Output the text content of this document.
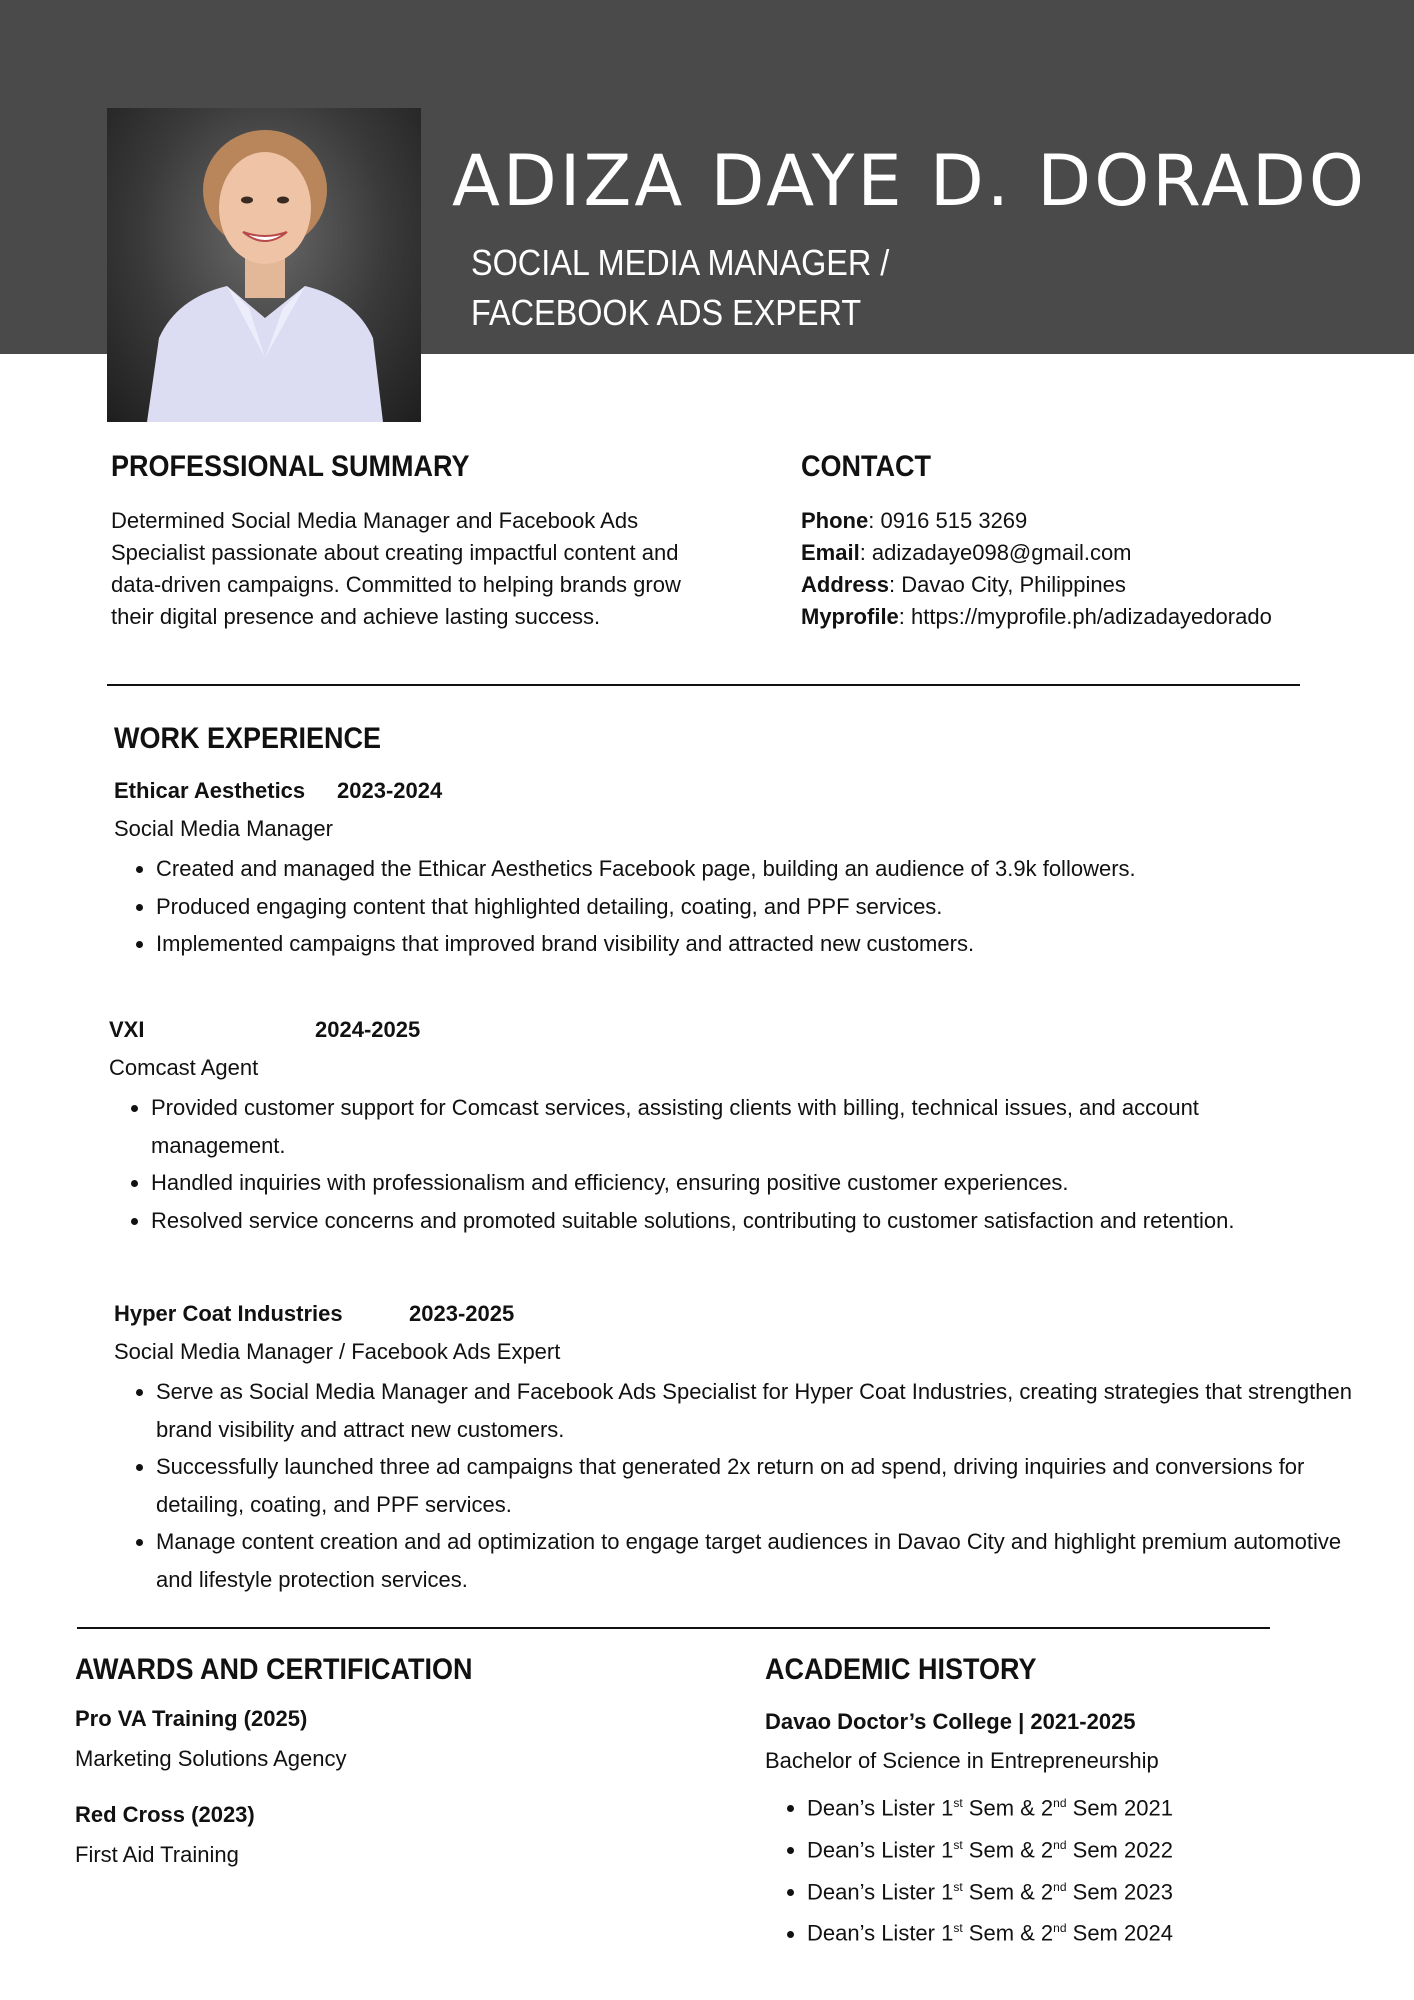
ADIZA DAYE D. DORADO

SOCIAL MEDIA MANAGER /

FACEBOOK ADS EXPERT

PROFESSIONAL SUMMARY

Determined Social Media Manager and Facebook Ads Specialist passionate about creating impactful content and data-driven campaigns. Committed to helping brands grow their digital presence and achieve lasting success.

CONTACT
Phone: 0916 515 3269
Email: adizadaye098@gmail.com
Address: Davao City, Philippines
Myprofile: https://myprofile.ph/adizadayedorado
WORK EXPERIENCE

Ethicar Aesthetics 2023-2024

Social Media Manager

• Created and managed the Ethicar Aesthetics Facebook page, building an audience of 3.9k followers.
• Produced engaging content that highlighted detailing, coating, and PPF services.
• Implemented campaigns that improved brand visibility and attracted new customers.

VXI	2024-2025

Comcast Agent

• Provided customer support for Comcast services, assisting clients with billing, technical issues, and account management.
• Handled inquiries with professionalism and efficiency, ensuring positive customer experiences.
• Resolved service concerns and promoted suitable solutions, contributing to customer satisfaction and retention.

Hyper Coat Industries	2023-2025

Social Media Manager / Facebook Ads Expert

• Serve as Social Media Manager and Facebook Ads Specialist for Hyper Coat Industries, creating strategies that strengthen brand visibility and attract new customers.
• Successfully launched three ad campaigns that generated 2x return on ad spend, driving inquiries and conversions for detailing, coating, and PPF services.
• Manage content creation and ad optimization to engage target audiences in Davao City and highlight premium automotive and lifestyle protection services.
AWARDS AND CERTIFICATION

Pro VA Training (2025)

Marketing Solutions Agency

Red Cross (2023)

First Aid Training

ACADEMIC HISTORY

Davao Doctor’s College | 2021-2025

Bachelor of Science in Entrepreneurship

• Dean’s Lister 1st Sem & 2nd Sem 2021
• Dean’s Lister 1st Sem & 2nd Sem 2022
• Dean’s Lister 1st Sem & 2nd Sem 2023
• Dean’s Lister 1st Sem & 2nd Sem 2024
